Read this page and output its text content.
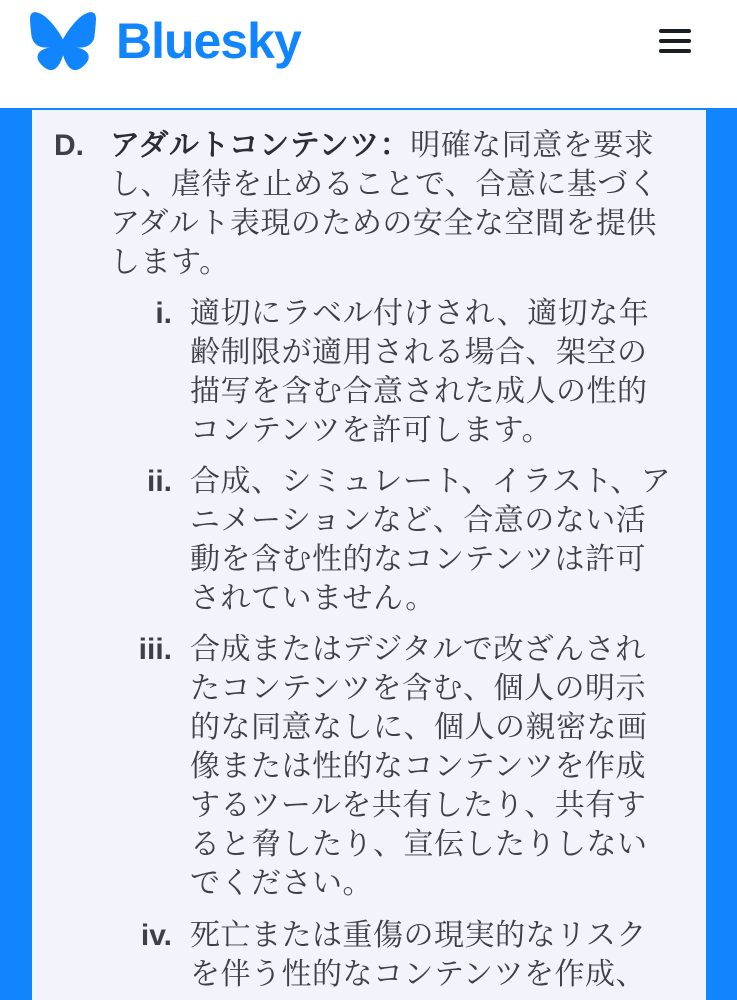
Bluesky
D. アダルトコンテンツ：明確な同意を要求し、虐待を止めることで、合意に基づくアダルト表現のための安全な空間を提供します。
i. 適切にラベル付けされ、適切な年齢制限が適用される場合、架空の描写を含む合意された成人の性的コンテンツを許可します。
ii. 合成、シミュレート、イラスト、アニメーションなど、合意のない活動を含む性的なコンテンツは許可されていません。
iii. 合成またはデジタルで改ざんされたコンテンツを含む、個人の明示的な同意なしに、個人の親密な画像または性的なコンテンツを作成するツールを共有したり、共有すると脅したり、宣伝したりしないでください。
iv. 死亡または重傷の現実的なリスクを伴う性的なコンテンツを作成、
